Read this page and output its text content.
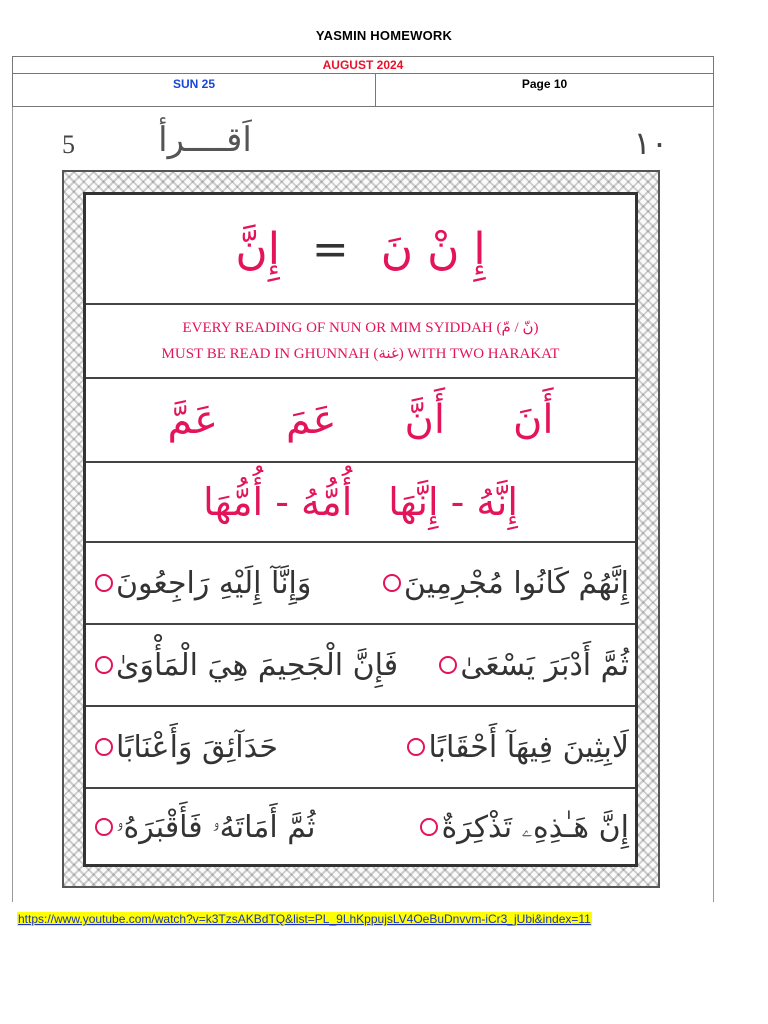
YASMIN HOMEWORK
AUGUST 2024
SUN 25	Page 10
5 اَقــــرأ	١٠
إِ نْ نَ
=
إِنَّ
EVERY READING OF NUN OR MIM SYIDDAH (نّ / مّ)
MUST BE READ IN GHUNNAH (غنة) WITH TWO HARAKAT
أَنَ
أَنَّ
عَمَ
عَمَّ
إِنَّهُ - إِنَّهَا
أُمُّهُ - أُمُّهَا
إِنَّهُمْ كَانُوا مُجْرِمِينَ
وَإِنَّآ إِلَيْهِ رَاجِعُونَ
ثُمَّ أَدْبَرَ يَسْعَىٰ
فَإِنَّ الْجَحِيمَ هِيَ الْمَأْوَىٰ
لَابِثِينَ فِيهَآ أَحْقَابًا
حَدَآئِقَ وَأَعْنَابًا
إِنَّ هَـٰذِهِۦ تَذْكِرَةٌ
ثُمَّ أَمَاتَهُۥ فَأَقْبَرَهُۥ
https://www.youtube.com/watch?v=k3TzsAKBdTQ&list=PL_9LhKppujsLV4OeBuDnvvm-iCr3_jUbi&index=11
